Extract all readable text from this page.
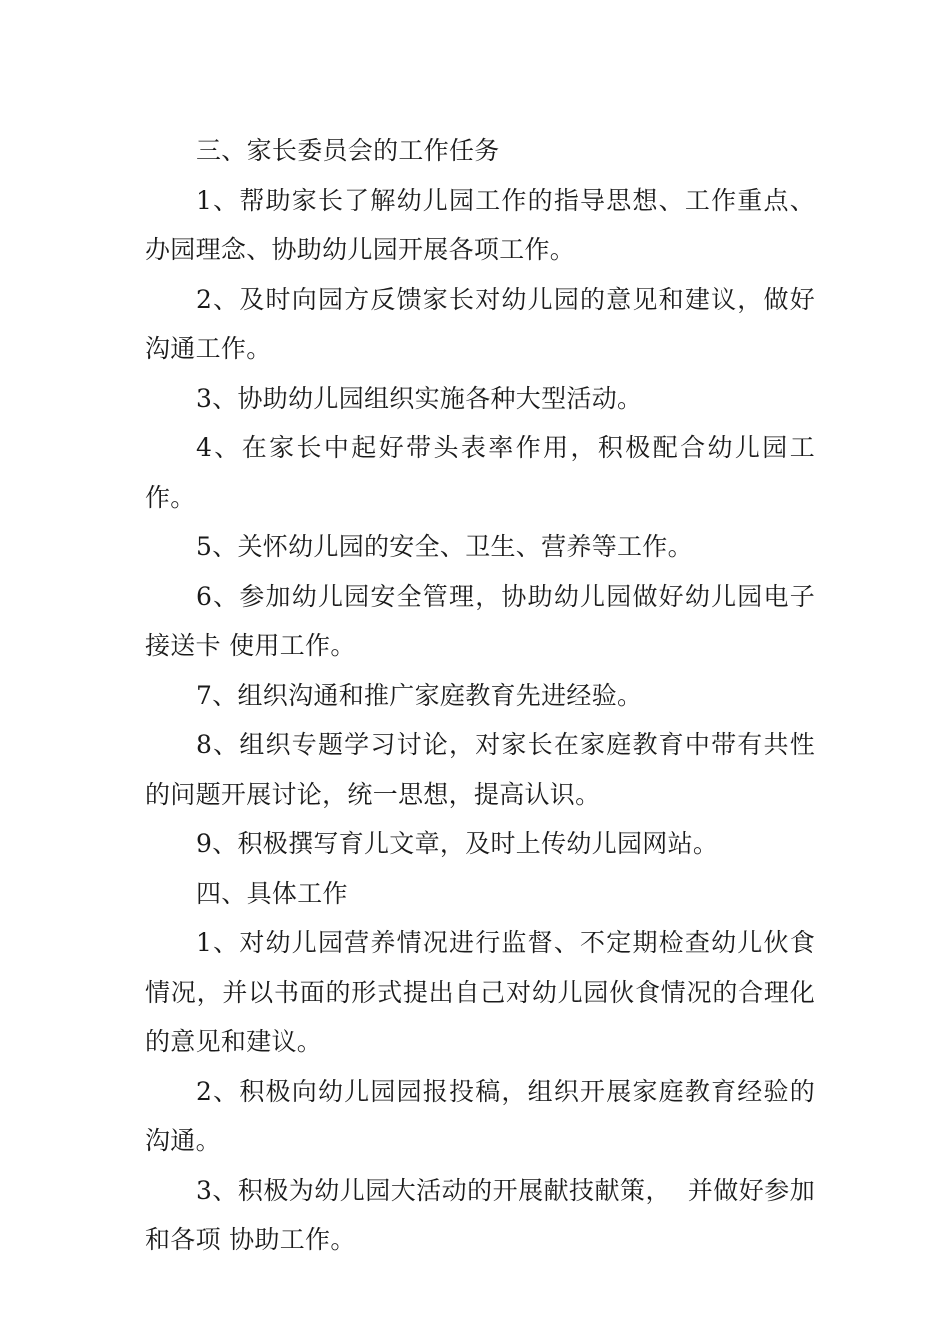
三、家长委员会的工作任务

1、帮助家长了解幼儿园工作的指导思想、工作重点、办园理念、协助幼儿园开展各项工作。

2、及时向园方反馈家长对幼儿园的意见和建议，做好沟通工作。

3、协助幼儿园组织实施各种大型活动。

4、在家长中起好带头表率作用，积极配合幼儿园工作。

5、关怀幼儿园的安全、卫生、营养等工作。

6、参加幼儿园安全管理，协助幼儿园做好幼儿园电子接送卡 使用工作。

7、组织沟通和推广家庭教育先进经验。

8、组织专题学习讨论，对家长在家庭教育中带有共性的问题开展讨论，统一思想，提高认识。

9、积极撰写育儿文章，及时上传幼儿园网站。

四、具体工作

1、对幼儿园营养情况进行监督、不定期检查幼儿伙食情况，并以书面的形式提出自己对幼儿园伙食情况的合理化的意见和建议。

2、积极向幼儿园园报投稿，组织开展家庭教育经验的沟通。

3、积极为幼儿园大活动的开展献技献策，  并做好参加和各项 协助工作。
